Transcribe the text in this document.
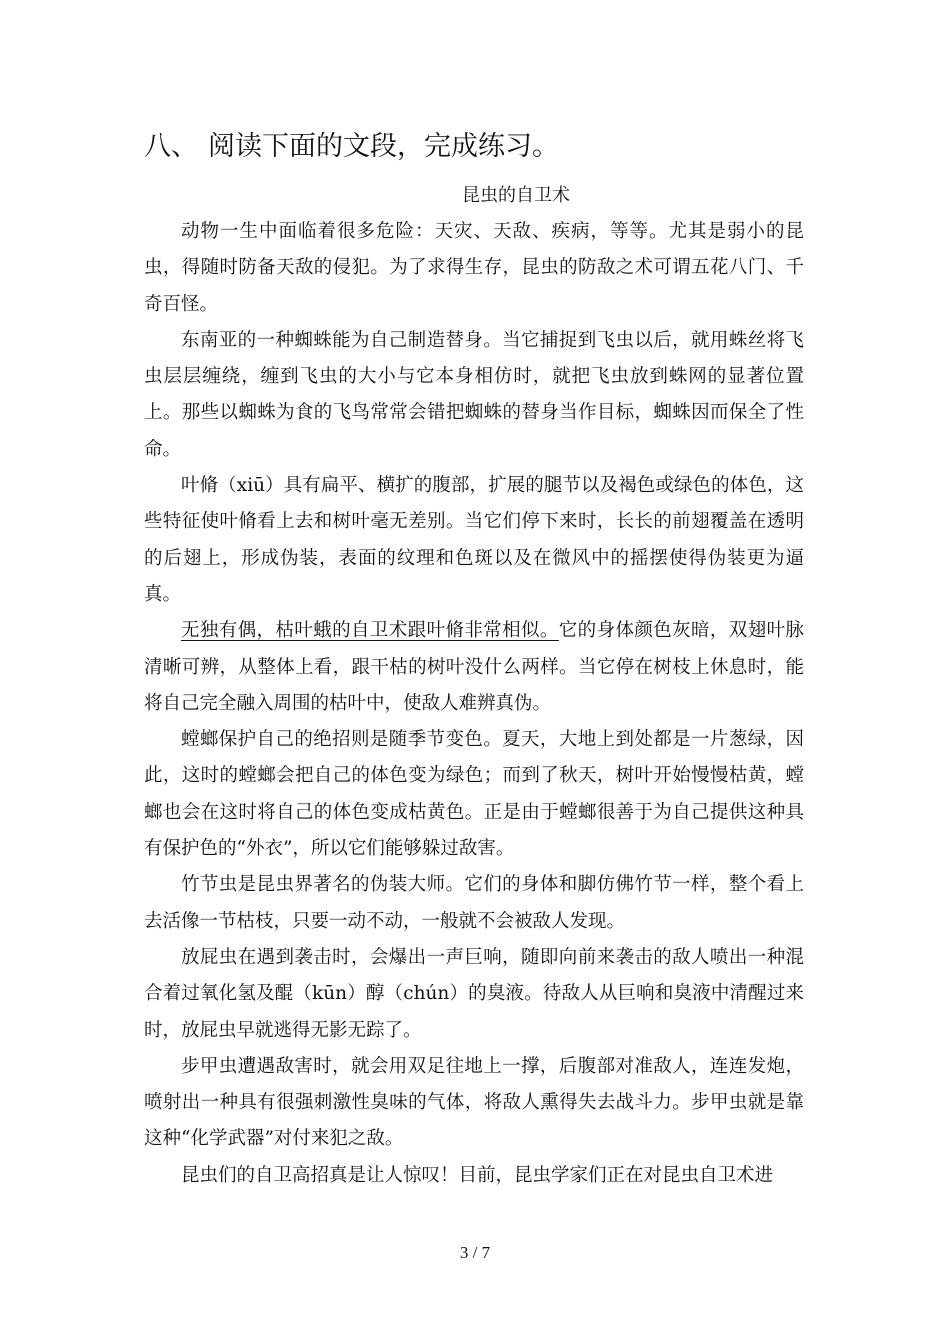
八、 阅读下面的文段，完成练习。
昆虫的自卫术

动物一生中面临着很多危险：天灾、天敌、疾病，等等。尤其是弱小的昆虫，得随时防备天敌的侵犯。为了求得生存，昆虫的防敌之术可谓五花八门、千奇百怪。

东南亚的一种蜘蛛能为自己制造替身。当它捕捉到飞虫以后，就用蛛丝将飞虫层层缠绕，缠到飞虫的大小与它本身相仿时，就把飞虫放到蛛网的显著位置上。那些以蜘蛛为食的飞鸟常常会错把蜘蛛的替身当作目标，蜘蛛因而保全了性命。

叶脩（xiū）具有扁平、横扩的腹部，扩展的腿节以及褐色或绿色的体色，这些特征使叶脩看上去和树叶毫无差别。当它们停下来时，长长的前翅覆盖在透明的后翅上，形成伪装，表面的纹理和色斑以及在微风中的摇摆使得伪装更为逼真。

无独有偶，枯叶蛾的自卫术跟叶脩非常相似。它的身体颜色灰暗，双翅叶脉清晰可辨，从整体上看，跟干枯的树叶没什么两样。当它停在树枝上休息时，能将自己完全融入周围的枯叶中，使敌人难辨真伪。

螳螂保护自己的绝招则是随季节变色。夏天，大地上到处都是一片葱绿，因此，这时的螳螂会把自己的体色变为绿色；而到了秋天，树叶开始慢慢枯黄，螳螂也会在这时将自己的体色变成枯黄色。正是由于螳螂很善于为自己提供这种具有保护色的“外衣”，所以它们能够躲过敌害。

竹节虫是昆虫界著名的伪装大师。它们的身体和脚仿佛竹节一样，整个看上去活像一节枯枝，只要一动不动，一般就不会被敌人发现。

放屁虫在遇到袭击时，会爆出一声巨响，随即向前来袭击的敌人喷出一种混合着过氧化氢及醌（kūn）醇（chún）的臭液。待敌人从巨响和臭液中清醒过来时，放屁虫早就逃得无影无踪了。

步甲虫遭遇敌害时，就会用双足往地上一撑，后腹部对准敌人，连连发炮，喷射出一种具有很强刺激性臭味的气体，将敌人熏得失去战斗力。步甲虫就是靠这种“化学武器”对付来犯之敌。

昆虫们的自卫高招真是让人惊叹！目前，昆虫学家们正在对昆虫自卫术进

3 / 7
